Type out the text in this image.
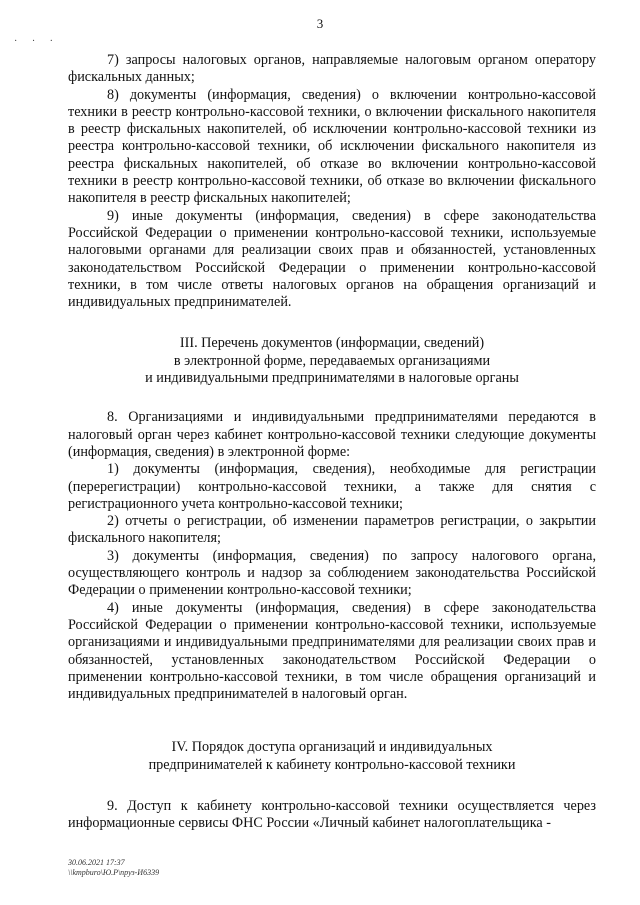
3
· · ·

7) запросы налоговых органов, направляемые налоговым органом оператору фискальных данных;

8) документы (информация, сведения) о включении контрольно-кассовой техники в реестр контрольно-кассовой техники, о включении фискального накопителя в реестр фискальных накопителей, об исключении контрольно-кассовой техники из реестра контрольно-кассовой техники, об исключении фискального накопителя из реестра фискальных накопителей, об отказе во включении контрольно-кассовой техники в реестр контрольно-кассовой техники, об отказе во включении фискального накопителя в реестр фискальных накопителей;

9) иные документы (информация, сведения) в сфере законодательства Российской Федерации о применении контрольно-кассовой техники, используемые налоговыми органами для реализации своих прав и обязанностей, установленных законодательством Российской Федерации о применении контрольно-кассовой техники, в том числе ответы налоговых органов на обращения организаций и индивидуальных предпринимателей.

III. Перечень документов (информации, сведений)

в электронной форме, передаваемых организациями

и индивидуальными предпринимателями в налоговые органы

8. Организациями и индивидуальными предпринимателями передаются в налоговый орган через кабинет контрольно-кассовой техники следующие документы (информация, сведения) в электронной форме:

1) документы (информация, сведения), необходимые для регистрации (перерегистрации) контрольно-кассовой техники, а также для снятия с регистрационного учета контрольно-кассовой техники;

2) отчеты о регистрации, об изменении параметров регистрации, о закрытии фискального накопителя;

3) документы (информация, сведения) по запросу налогового органа, осуществляющего контроль и надзор за соблюдением законодательства Российской Федерации о применении контрольно-кассовой техники;

4) иные документы (информация, сведения) в сфере законодательства Российской Федерации о применении контрольно-кассовой техники, используемые организациями и индивидуальными предпринимателями для реализации своих прав и обязанностей, установленных законодательством Российской Федерации о применении контрольно-кассовой техники, в том числе обращения организаций и индивидуальных предпринимателей в налоговый орган.

IV. Порядок доступа организаций и индивидуальных

предпринимателей к кабинету контрольно-кассовой техники

9. Доступ к кабинету контрольно-кассовой техники осуществляется через информационные сервисы ФНС России «Личный кабинет налогоплательщика -

30.06.2021 17:37
\\kmpburo\Ю.Р\пруз-И6339
